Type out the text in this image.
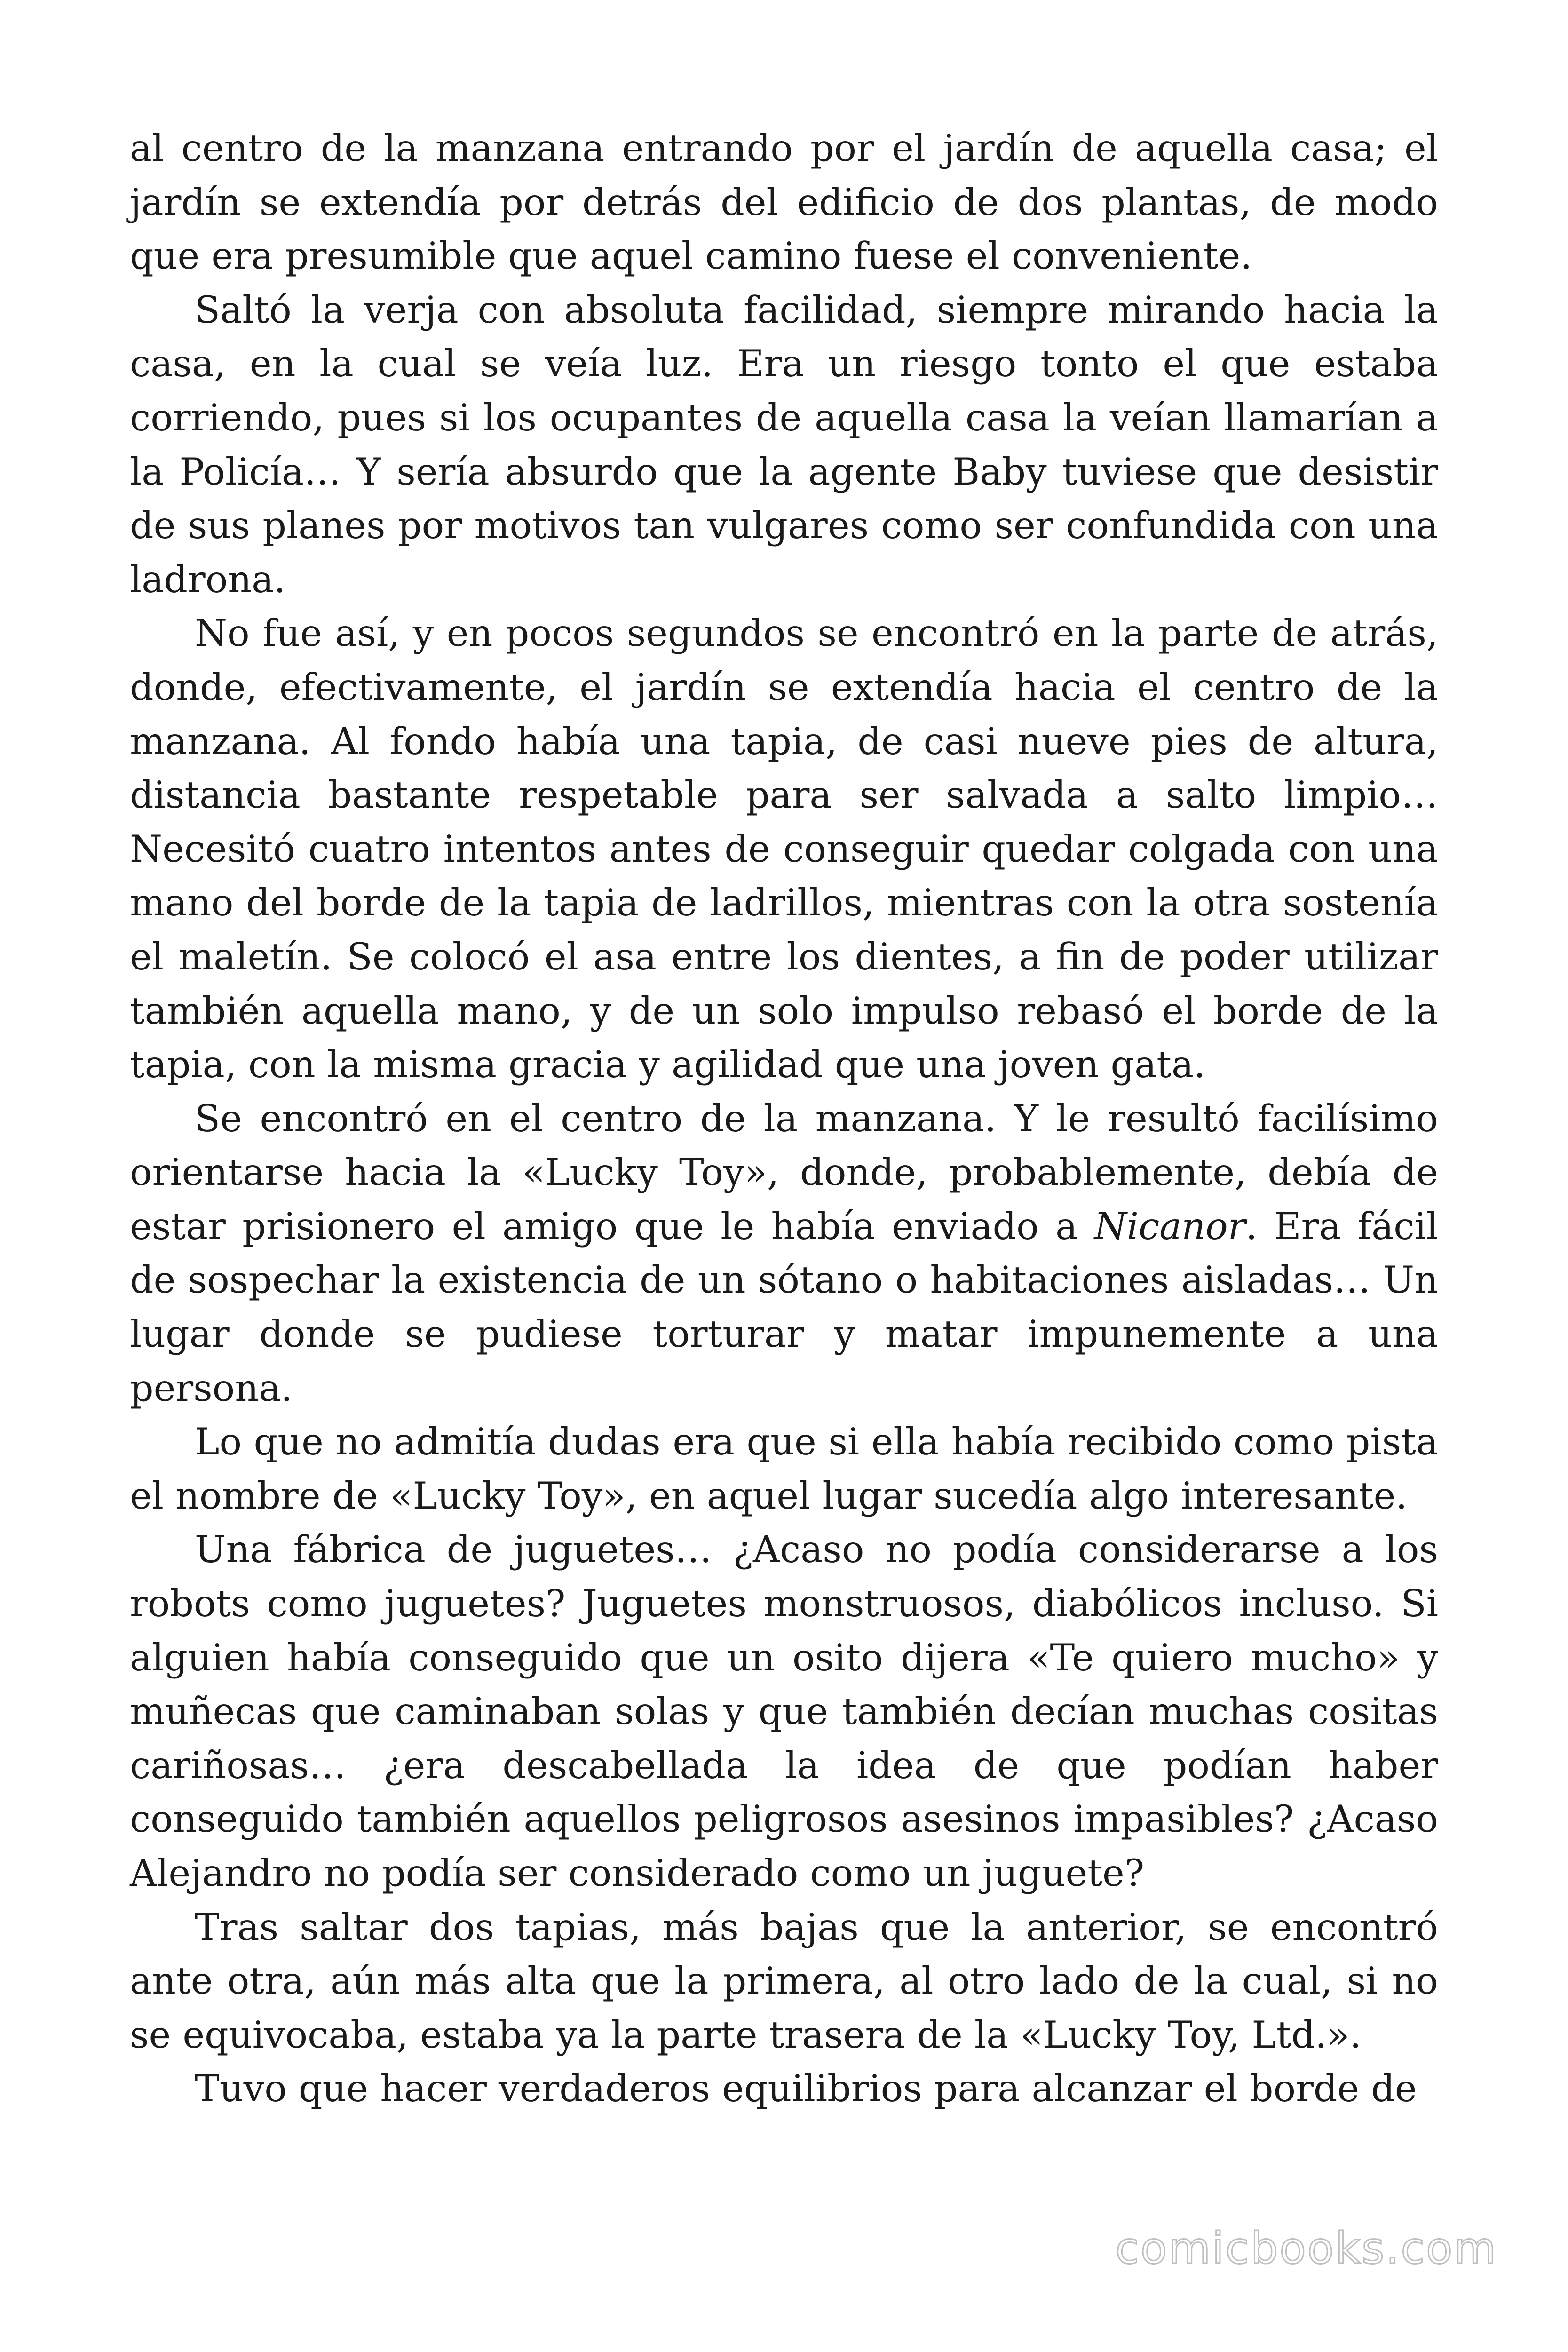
al centro de la manzana entrando por el jardín de aquella casa; el jardín se extendía por detrás del edificio de dos plantas, de modo que era presumible que aquel camino fuese el conveniente.

Saltó la verja con absoluta facilidad, siempre mirando hacia la casa, en la cual se veía luz. Era un riesgo tonto el que estaba corriendo, pues si los ocupantes de aquella casa la veían llamarían a la Policía… Y sería absurdo que la agente Baby tuviese que desistir de sus planes por motivos tan vulgares como ser confundida con una ladrona.

No fue así, y en pocos segundos se encontró en la parte de atrás, donde, efectivamente, el jardín se extendía hacia el centro de la manzana. Al fondo había una tapia, de casi nueve pies de altura, distancia bastante respetable para ser salvada a salto limpio… Necesitó cuatro intentos antes de conseguir quedar colgada con una mano del borde de la tapia de ladrillos, mientras con la otra sostenía el maletín. Se colocó el asa entre los dientes, a fin de poder utilizar también aquella mano, y de un solo impulso rebasó el borde de la tapia, con la misma gracia y agilidad que una joven gata.

Se encontró en el centro de la manzana. Y le resultó facilísimo orientarse hacia la «Lucky Toy», donde, probablemente, debía de estar prisionero el amigo que le había enviado a Nicanor. Era fácil de sospechar la existencia de un sótano o habitaciones aisladas… Un lugar donde se pudiese torturar y matar impunemente a una persona.

Lo que no admitía dudas era que si ella había recibido como pista el nombre de «Lucky Toy», en aquel lugar sucedía algo interesante.

Una fábrica de juguetes… ¿Acaso no podía considerarse a los robots como juguetes? Juguetes monstruosos, diabólicos incluso. Si alguien había conseguido que un osito dijera «Te quiero mucho» y muñecas que caminaban solas y que también decían muchas cositas cariñosas… ¿era descabellada la idea de que podían haber conseguido también aquellos peligrosos asesinos impasibles? ¿Acaso Alejandro no podía ser considerado como un juguete?

Tras saltar dos tapias, más bajas que la anterior, se encontró ante otra, aún más alta que la primera, al otro lado de la cual, si no se equivocaba, estaba ya la parte trasera de la «Lucky Toy, Ltd.».

Tuvo que hacer verdaderos equilibrios para alcanzar el borde de

comicbooks.com
